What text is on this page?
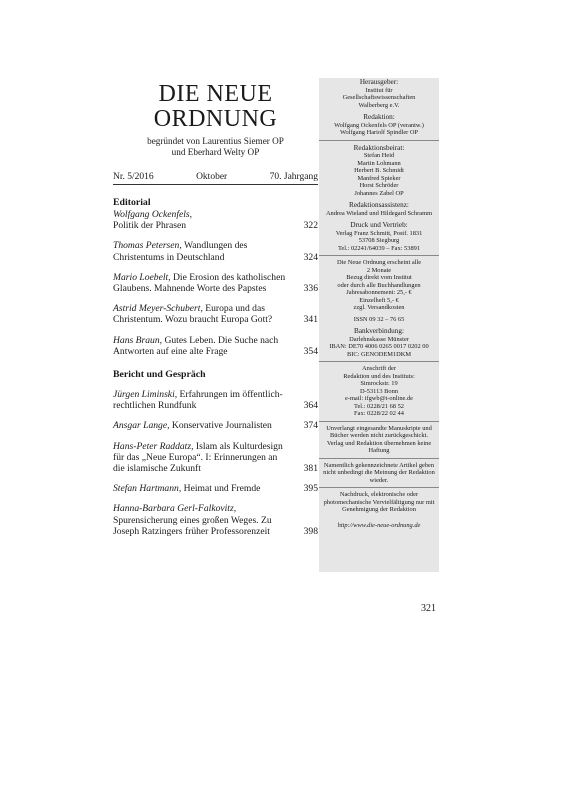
DIE NEUE
ORDNUNG
begründet von Laurentius Siemer OP
und Eberhard Welty OP
Nr. 5/2016	Oktober	70. Jahrgang
Editorial
Wolfgang Ockenfels,
Politik der Phrasen	322
Thomas Petersen, Wandlungen des Christentums in Deutschland	324
Mario Loebelt, Die Erosion des katholischen Glaubens. Mahnende Worte des Papstes	336
Astrid Meyer-Schubert, Europa und das Christentum. Wozu braucht Europa Gott?	341
Hans Braun, Gutes Leben. Die Suche nach Antworten auf eine alte Frage	354
Bericht und Gespräch
Jürgen Liminski, Erfahrungen im öffentlich-rechtlichen Rundfunk	364
Ansgar Lange, Konservative Journalisten	374
Hans-Peter Raddatz, Islam als Kulturdesign für das „Neue Europa“. I: Erinnerungen an die islamische Zukunft	381
Stefan Hartmann, Heimat und Fremde	395
Hanna-Barbara Gerl-Falkovitz, Spurensicherung eines großen Weges. Zu Joseph Ratzingers früher Professorenzeit	398
Herausgeber:
Institut für
Gesellschaftswissenschaften
Walberberg e.V.
Redaktion:
Wolfgang Ockenfels OP (verantw.)
Wolfgang Hariolf Spindler OP
Redaktionsbeirat:
Stefan Heid
Martin Lohmann
Herbert B. Schmidt
Manfred Spieker
Horst Schröder
Johannes Zabel OP
Redaktionsassistenz:
Andrea Wieland und Hildegard Schramm
Druck und Vertrieb:
Verlag Franz Schmitt, Postf. 1831
53708 Siegburg
Tel.: 02241/64039 – Fax: 53891
Die Neue Ordnung erscheint alle
2 Monate
Bezug direkt vom Institut
oder durch alle Buchhandlungen
Jahresabonnement: 25,- €
Einzelheft 5,- €
zzgl. Versandkosten
ISSN 09 32 – 76 65
Bankverbindung:
Darlehnskasse Münster
IBAN: DE70 4006 0265 0017 0202 00
BIC: GENODEM1DKM
Anschrift der
Redaktion und des Instituts:
Simrockstr. 19
D-53113 Bonn
e-mail: ifgwb@t-online.de
Tel.: 0228/21 68 52
Fax: 0228/22 02 44
Unverlangt eingesandte Manuskripte und Bücher werden nicht zurückgeschickt. Verlag und Redaktion übernehmen keine Haftung
Namentlich gekennzeichnete Artikel geben nicht unbedingt die Meinung der Redaktion wieder.
Nachdruck, elektronische oder photomechanische Vervielfältigung nur mit Genehmigung der Redaktion
http://www.die-neue-ordnung.de
321
